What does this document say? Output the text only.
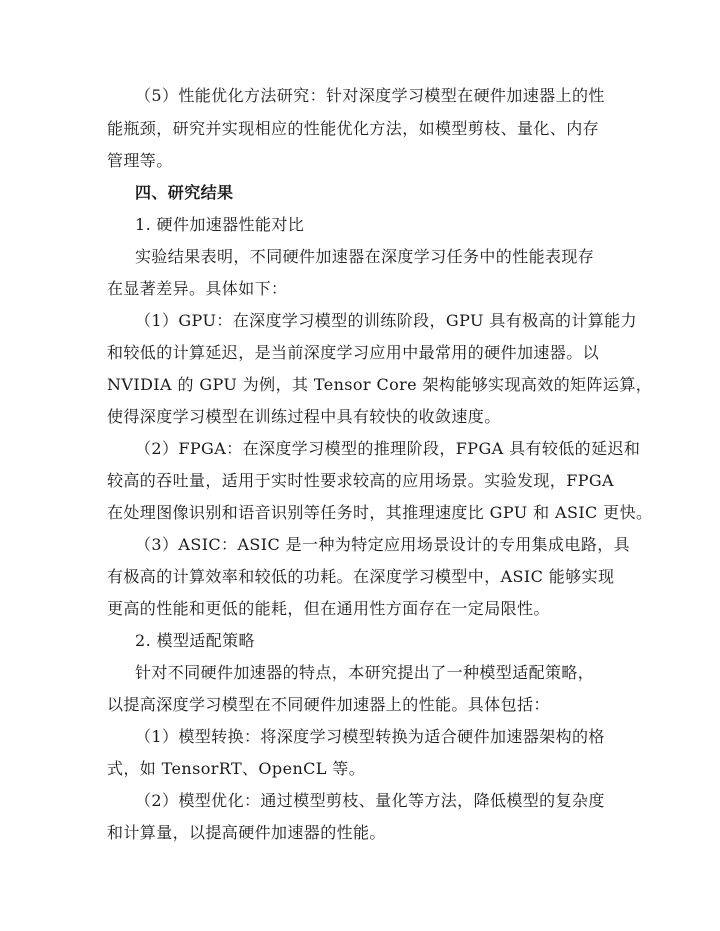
（5）性能优化方法研究：针对深度学习模型在硬件加速器上的性
能瓶颈，研究并实现相应的性能优化方法，如模型剪枝、量化、内存
管理等。
四、研究结果
1. 硬件加速器性能对比
实验结果表明，不同硬件加速器在深度学习任务中的性能表现存
在显著差异。具体如下：
（1）GPU：在深度学习模型的训练阶段，GPU 具有极高的计算能力
和较低的计算延迟，是当前深度学习应用中最常用的硬件加速器。以
NVIDIA 的 GPU 为例，其 Tensor Core 架构能够实现高效的矩阵运算，
使得深度学习模型在训练过程中具有较快的收敛速度。
（2）FPGA：在深度学习模型的推理阶段，FPGA 具有较低的延迟和
较高的吞吐量，适用于实时性要求较高的应用场景。实验发现，FPGA
在处理图像识别和语音识别等任务时，其推理速度比 GPU 和 ASIC 更快。
（3）ASIC：ASIC 是一种为特定应用场景设计的专用集成电路，具
有极高的计算效率和较低的功耗。在深度学习模型中，ASIC 能够实现
更高的性能和更低的能耗，但在通用性方面存在一定局限性。
2. 模型适配策略
针对不同硬件加速器的特点，本研究提出了一种模型适配策略，
以提高深度学习模型在不同硬件加速器上的性能。具体包括：
（1）模型转换：将深度学习模型转换为适合硬件加速器架构的格
式，如 TensorRT、OpenCL 等。
（2）模型优化：通过模型剪枝、量化等方法，降低模型的复杂度
和计算量，以提高硬件加速器的性能。
